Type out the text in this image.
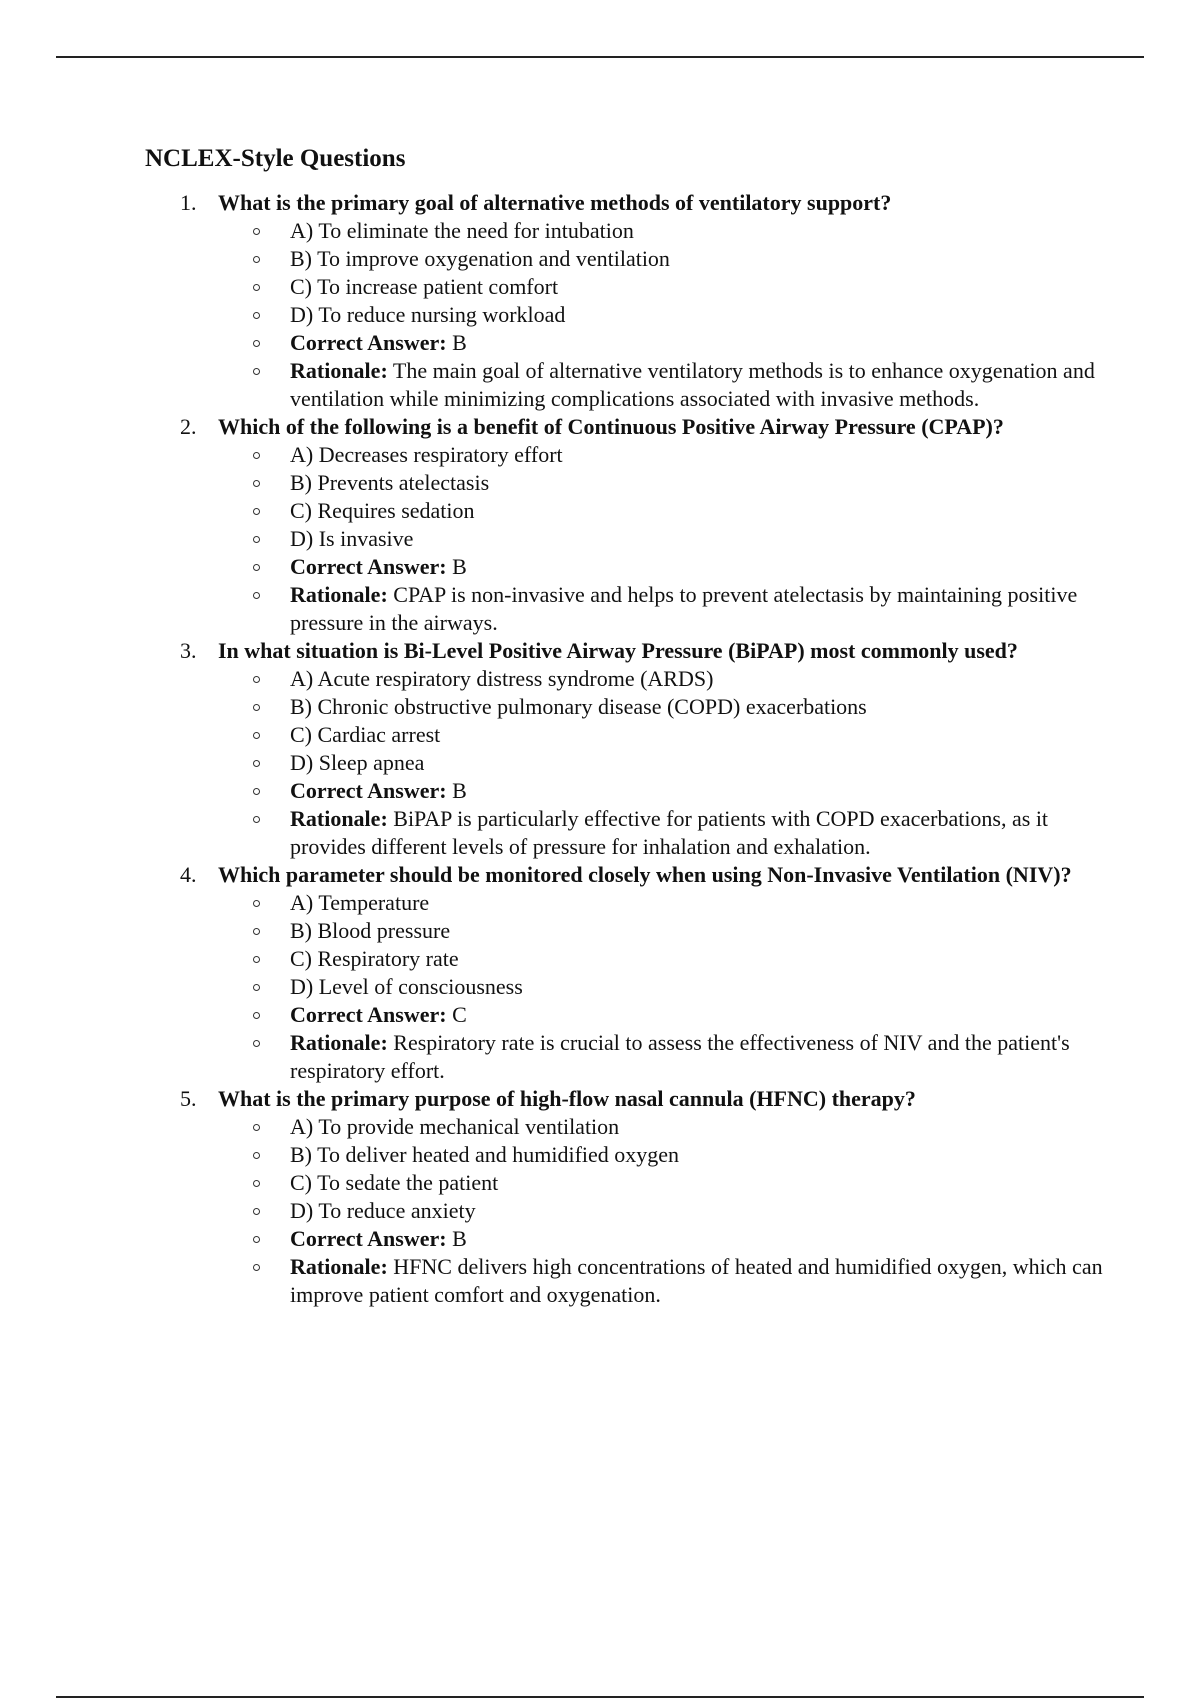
NCLEX-Style Questions
1. What is the primary goal of alternative methods of ventilatory support?
A) To eliminate the need for intubation
B) To improve oxygenation and ventilation
C) To increase patient comfort
D) To reduce nursing workload
Correct Answer: B
Rationale: The main goal of alternative ventilatory methods is to enhance oxygenation and ventilation while minimizing complications associated with invasive methods.
2. Which of the following is a benefit of Continuous Positive Airway Pressure (CPAP)?
A) Decreases respiratory effort
B) Prevents atelectasis
C) Requires sedation
D) Is invasive
Correct Answer: B
Rationale: CPAP is non-invasive and helps to prevent atelectasis by maintaining positive pressure in the airways.
3. In what situation is Bi-Level Positive Airway Pressure (BiPAP) most commonly used?
A) Acute respiratory distress syndrome (ARDS)
B) Chronic obstructive pulmonary disease (COPD) exacerbations
C) Cardiac arrest
D) Sleep apnea
Correct Answer: B
Rationale: BiPAP is particularly effective for patients with COPD exacerbations, as it provides different levels of pressure for inhalation and exhalation.
4. Which parameter should be monitored closely when using Non-Invasive Ventilation (NIV)?
A) Temperature
B) Blood pressure
C) Respiratory rate
D) Level of consciousness
Correct Answer: C
Rationale: Respiratory rate is crucial to assess the effectiveness of NIV and the patient's respiratory effort.
5. What is the primary purpose of high-flow nasal cannula (HFNC) therapy?
A) To provide mechanical ventilation
B) To deliver heated and humidified oxygen
C) To sedate the patient
D) To reduce anxiety
Correct Answer: B
Rationale: HFNC delivers high concentrations of heated and humidified oxygen, which can improve patient comfort and oxygenation.
